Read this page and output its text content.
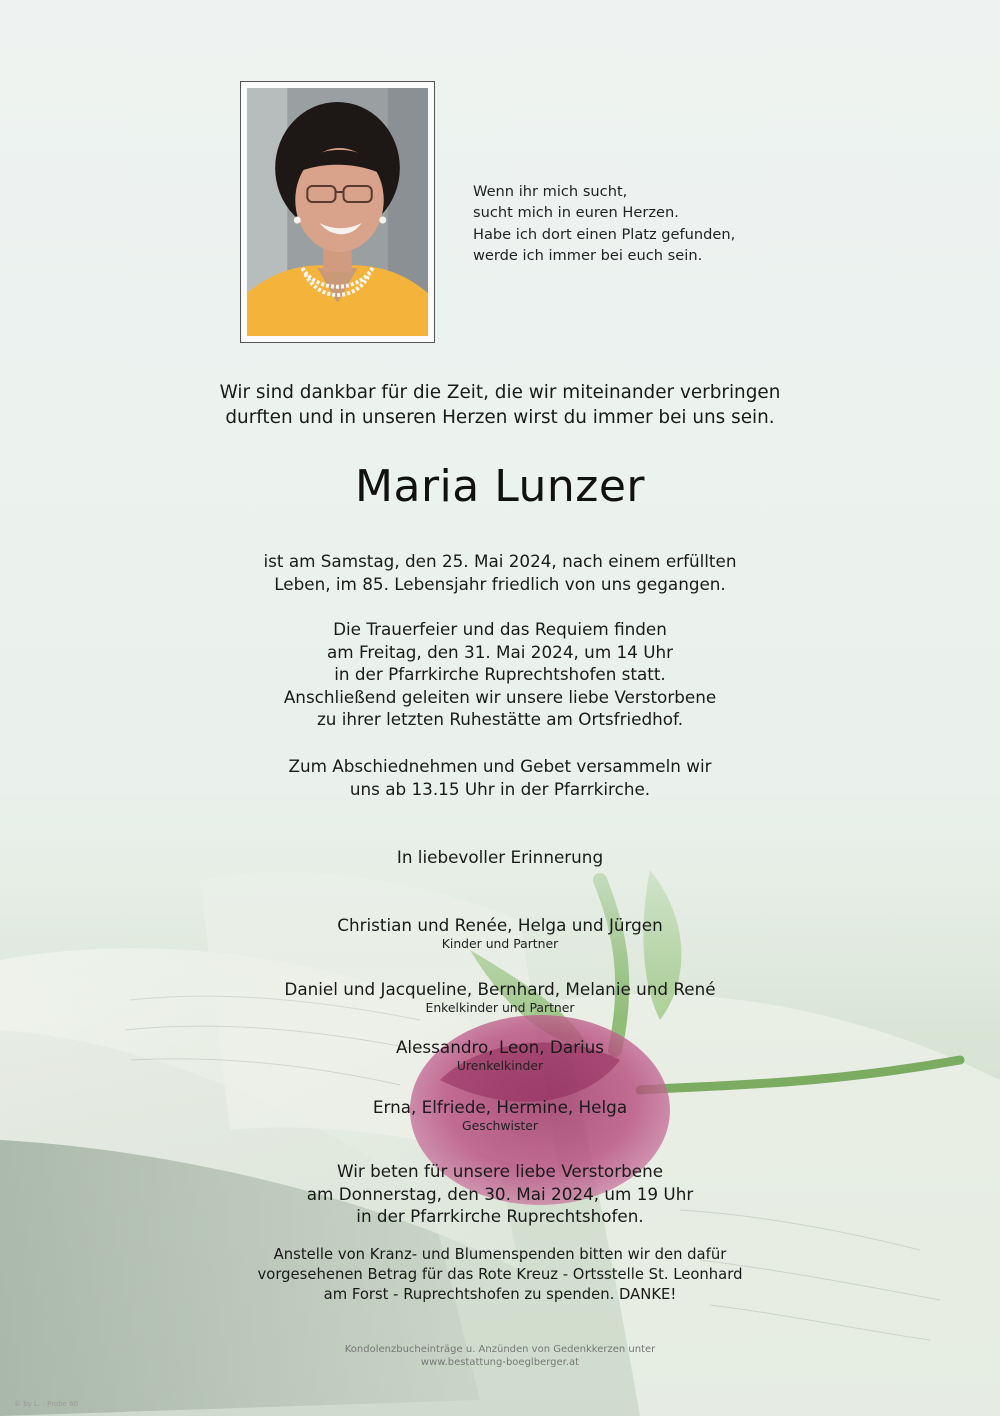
Wenn ihr mich sucht,
sucht mich in euren Herzen.
Habe ich dort einen Platz gefunden,
werde ich immer bei euch sein.
Wir sind dankbar für die Zeit, die wir miteinander verbringen
durften und in unseren Herzen wirst du immer bei uns sein.
Maria Lunzer
ist am Samstag, den 25. Mai 2024, nach einem erfüllten
Leben, im 85. Lebensjahr friedlich von uns gegangen.
Die Trauerfeier und das Requiem finden
am Freitag, den 31. Mai 2024, um 14 Uhr
in der Pfarrkirche Ruprechtshofen statt.
Anschließend geleiten wir unsere liebe Verstorbene
zu ihrer letzten Ruhestätte am Ortsfriedhof.
Zum Abschiednehmen und Gebet versammeln wir
uns ab 13.15 Uhr in der Pfarrkirche.
In liebevoller Erinnerung
Christian und Renée, Helga und Jürgen
Kinder und Partner
Daniel und Jacqueline, Bernhard, Melanie und René
Enkelkinder und Partner
Alessandro, Leon, Darius
Urenkelkinder
Erna, Elfriede, Hermine, Helga
Geschwister
Wir beten für unsere liebe Verstorbene
am Donnerstag, den 30. Mai 2024, um 19 Uhr
in der Pfarrkirche Ruprechtshofen.
Anstelle von Kranz- und Blumenspenden bitten wir den dafür
vorgesehenen Betrag für das Rote Kreuz - Ortsstelle St. Leonhard
am Forst - Ruprechtshofen zu spenden. DANKE!
Kondolenzbucheinträge u. Anzünden von Gedenkkerzen unter
www.bestattung-boeglberger.at
© by L. - Probe 60
